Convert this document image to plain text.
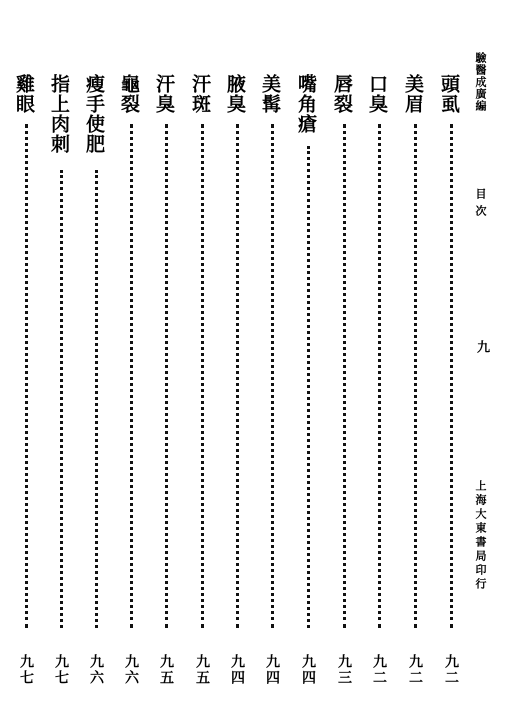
驗醫成廣編
目次
九
上海大東書局印行
頭虱
九二
美眉
九二
口臭
九二
唇裂
九三
嘴角瘡
九四
美髯
九四
腋臭
九四
汗斑
九五
汗臭
九五
龜裂
九六
瘦手使肥
九六
指上肉刺
九七
雞眼
九七
